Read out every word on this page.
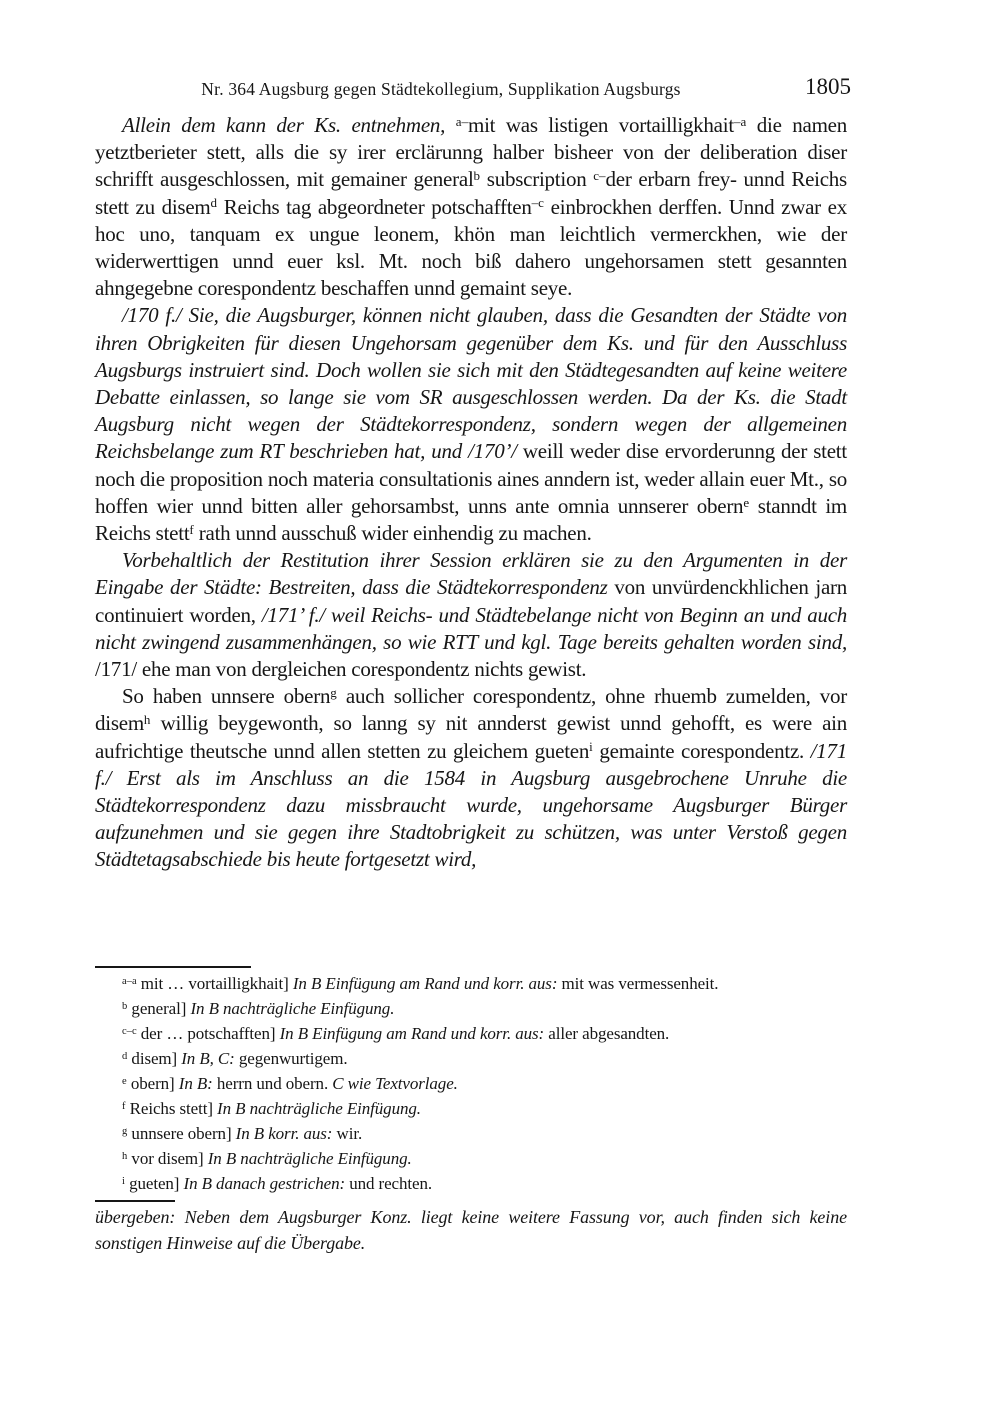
Nr. 364 Augsburg gegen Städtekollegium, Supplikation Augsburgs	1805

Allein dem kann der Ks. entnehmen, $^{a-}$mit was listigen vortailligkhait$^{-a}$ die namen yetztberieter stett, alls die sy irer erclärunng halber bisheer von der deliberation diser schrifft ausgeschlossen, mit gemainer general$^b$ subscription $^{c-}$der erbarn frey- unnd Reichs stett zu disem$^d$ Reichs tag abgeordneter potschafften$^{-c}$ einbrockhen derffen. Unnd zwar ex hoc uno, tanquam ex ungue leonem, khön man leichtlich vermerckhen, wie der widerwerttigen unnd euer ksl. Mt. noch biß dahero ungehorsamen stett gesannten ahngegebne corespondentz beschaffen unnd gemaint seye.

/170 f./ Sie, die Augsburger, können nicht glauben, dass die Gesandten der Städte von ihren Obrigkeiten für diesen Ungehorsam gegenüber dem Ks. und für den Ausschluss Augsburgs instruiert sind. Doch wollen sie sich mit den Städtegesandten auf keine weitere Debatte einlassen, so lange sie vom SR ausgeschlossen werden. Da der Ks. die Stadt Augsburg nicht wegen der Städtekorrespondenz, sondern wegen der allgemeinen Reichsbelange zum RT beschrieben hat, und /170’/ weill weder dise ervorderunng der stett noch die proposition noch materia consultationis aines anndern ist, weder allain euer Mt., so hoffen wier unnd bitten aller gehorsambst, unns ante omnia unnserer obern$^e$ stanndt im Reichs stett$^f$ rath unnd ausschuß wider einhendig zu machen.

Vorbehaltlich der Restitution ihrer Session erklären sie zu den Argumenten in der Eingabe der Städte: Bestreiten, dass die Städtekorrespondenz von unvürdenckhlichen jarn continuiert worden, /171’ f./ weil Reichs- und Städtebelange nicht von Beginn an und auch nicht zwingend zusammenhängen, so wie RTT und kgl. Tage bereits gehalten worden sind, /171/ ehe man von dergleichen corespondentz nichts gewist.

So haben unnsere obern$^g$ auch sollicher corespondentz, ohne rhuemb zumelden, vor disem$^h$ willig beygewonth, so lanng sy nit annderst gewist unnd gehofft, es were ain aufrichtige theutsche unnd allen stetten zu gleichem gueten$^i$ gemainte corespondentz. /171 f./ Erst als im Anschluss an die 1584 in Augsburg ausgebrochene Unruhe die Städtekorrespondenz dazu missbraucht wurde, ungehorsame Augsburger Bürger aufzunehmen und sie gegen ihre Stadtobrigkeit zu schützen, was unter Verstoß gegen Städtetagsabschiede bis heute fortgesetzt wird,

$^{a-a}$ mit … vortailligkhait] In B Einfügung am Rand und korr. aus: mit was vermessenheit.

$^b$ general] In B nachträgliche Einfügung.

$^{c-c}$ der … potschafften] In B Einfügung am Rand und korr. aus: aller abgesandten.

$^d$ disem] In B, C: gegenwurtigem.

$^e$ obern] In B: herrn und obern. C wie Textvorlage.

$^f$ Reichs stett] In B nachträgliche Einfügung.

$^g$ unnsere obern] In B korr. aus: wir.

$^h$ vor disem] In B nachträgliche Einfügung.

$^i$ gueten] In B danach gestrichen: und rechten.

übergeben: Neben dem Augsburger Konz. liegt keine weitere Fassung vor, auch finden sich keine sonstigen Hinweise auf die Übergabe.
